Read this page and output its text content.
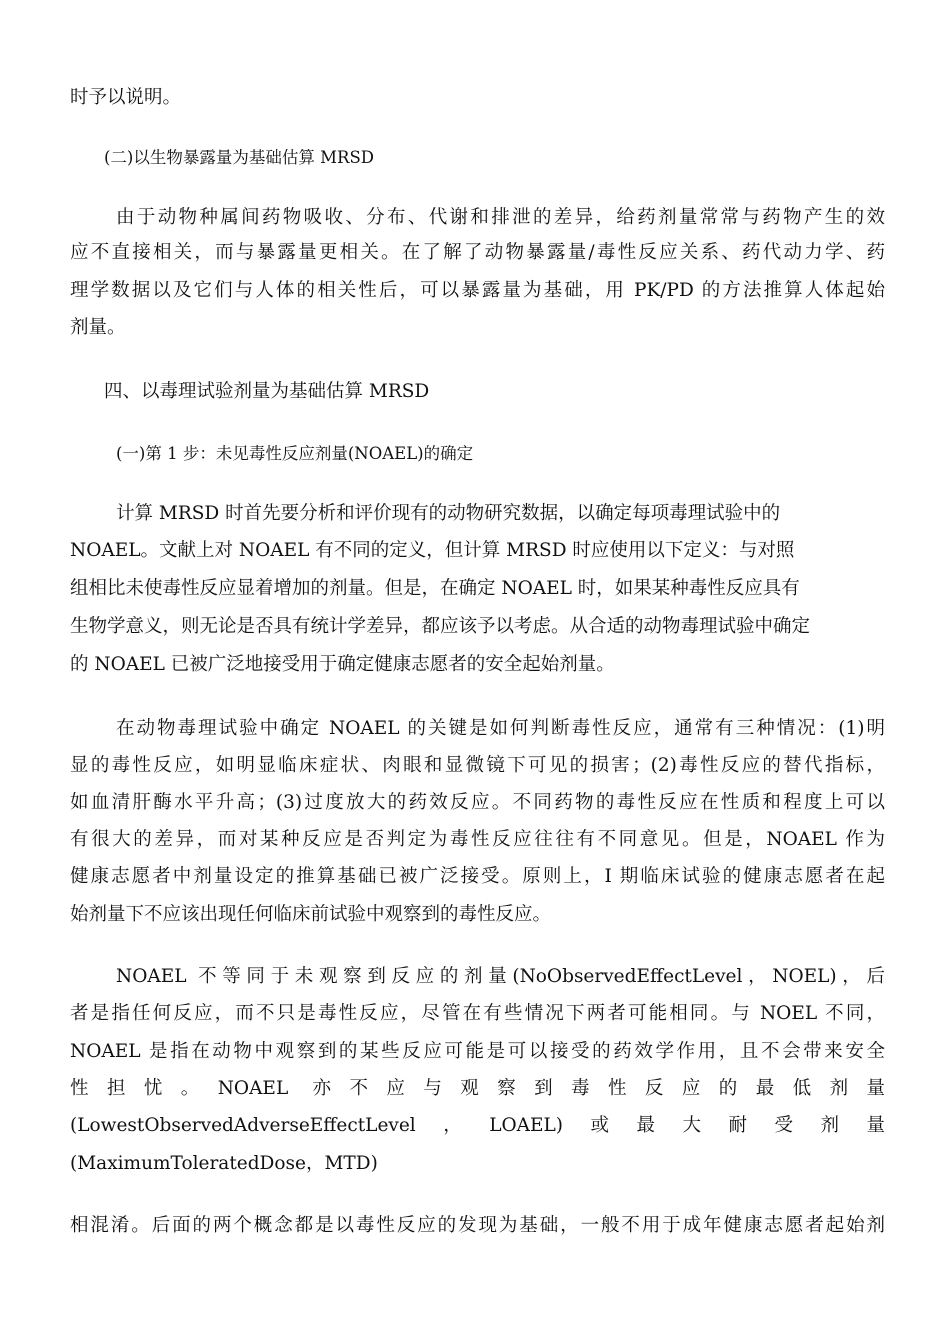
时予以说明。
(二)以生物暴露量为基础估算 MRSD
由于动物种属间药物吸收、分布、代谢和排泄的差异，给药剂量常常与药物产生的效
应不直接相关，而与暴露量更相关。在了解了动物暴露量/毒性反应关系、药代动力学、药
理学数据以及它们与人体的相关性后，可以暴露量为基础，用 PK/PD 的方法推算人体起始
剂量。
四、以毒理试验剂量为基础估算 MRSD
(一)第 1 步：未见毒性反应剂量(NOAEL)的确定
计算 MRSD 时首先要分析和评价现有的动物研究数据，以确定每项毒理试验中的
NOAEL。文献上对 NOAEL 有不同的定义，但计算 MRSD 时应使用以下定义：与对照
组相比未使毒性反应显着增加的剂量。但是，在确定 NOAEL 时，如果某种毒性反应具有
生物学意义，则无论是否具有统计学差异，都应该予以考虑。从合适的动物毒理试验中确定
的 NOAEL 已被广泛地接受用于确定健康志愿者的安全起始剂量。
在动物毒理试验中确定 NOAEL 的关键是如何判断毒性反应，通常有三种情况：(1)明
显的毒性反应，如明显临床症状、肉眼和显微镜下可见的损害；(2)毒性反应的替代指标，
如血清肝酶水平升高；(3)过度放大的药效反应。不同药物的毒性反应在性质和程度上可以
有很大的差异，而对某种反应是否判定为毒性反应往往有不同意见。但是，NOAEL 作为
健康志愿者中剂量设定的推算基础已被广泛接受。原则上，I 期临床试验的健康志愿者在起
始剂量下不应该出现任何临床前试验中观察到的毒性反应。
NOAEL 不等同于未观察到反应的剂量(NoObservedEffectLevel，NOEL)，后
者是指任何反应，而不只是毒性反应，尽管在有些情况下两者可能相同。与 NOEL 不同，
NOAEL 是指在动物中观察到的某些反应可能是可以接受的药效学作用，且不会带来安全
性担忧。NOAEL 亦不应与观察到毒性反应的最低剂量
(LowestObservedAdverseEffectLevel，LOAEL)或最大耐受剂量
(MaximumToleratedDose，MTD)
相混淆。后面的两个概念都是以毒性反应的发现为基础，一般不用于成年健康志愿者起始剂
